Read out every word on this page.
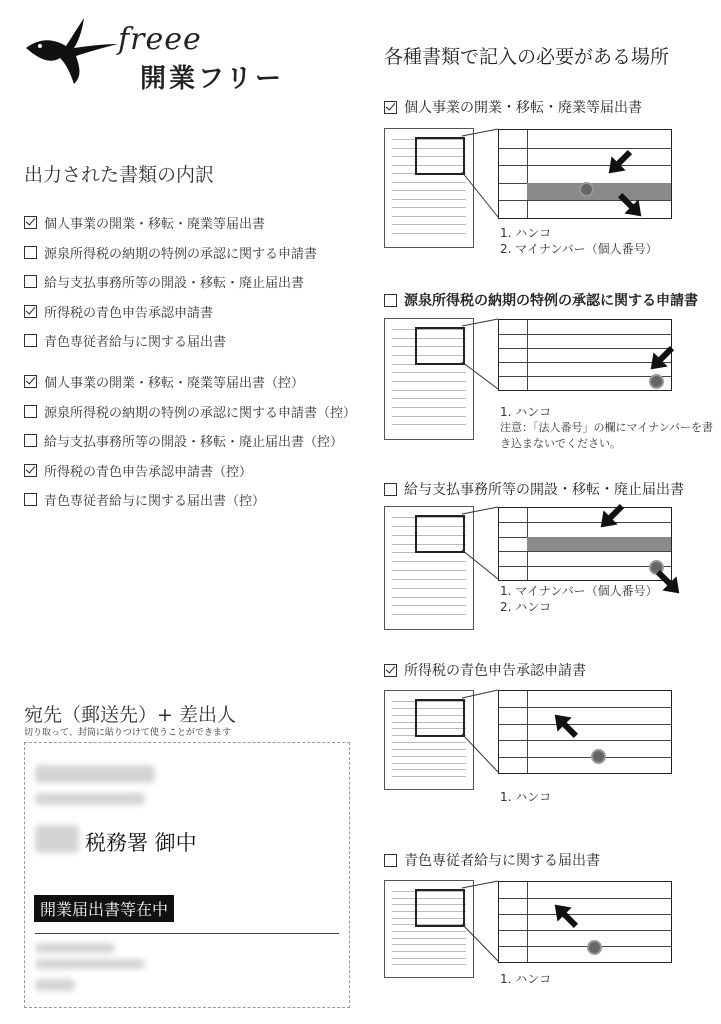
freee
開業フリー
出力された書類の内訳
個人事業の開業・移転・廃業等届出書
源泉所得税の納期の特例の承認に関する申請書
給与支払事務所等の開設・移転・廃止届出書
所得税の青色申告承認申請書
青色専従者給与に関する届出書
個人事業の開業・移転・廃業等届出書（控）
源泉所得税の納期の特例の承認に関する申請書（控）
給与支払事務所等の開設・移転・廃止届出書（控）
所得税の青色申告承認申請書（控）
青色専従者給与に関する届出書（控）
宛先（郵送先）+ 差出人
切り取って、封筒に貼りつけて使うことができます
税務署 御中
開業届出書等在中
各種書類で記入の必要がある場所
個人事業の開業・移転・廃業等届出書
1. ハンコ
2. マイナンバー（個人番号）
源泉所得税の納期の特例の承認に関する申請書
1. ハンコ
注意：「法人番号」の欄にマイナンバーを書
き込まないでください。
給与支払事務所等の開設・移転・廃止届出書
1. マイナンバー（個人番号）
2. ハンコ
所得税の青色申告承認申請書
1. ハンコ
青色専従者給与に関する届出書
1. ハンコ
